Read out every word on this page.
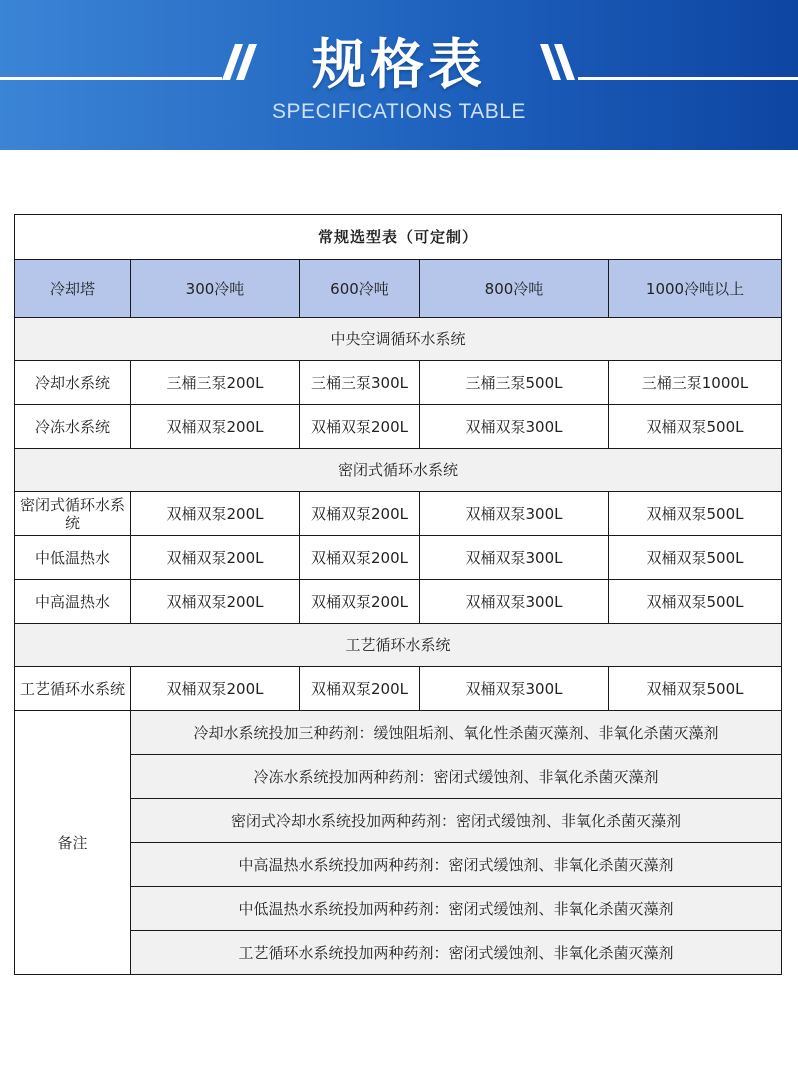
规格表
SPECIFICATIONS TABLE
常规选型表（可定制）				
冷却塔	300冷吨	600冷吨	800冷吨	1000冷吨以上
中央空调循环水系统				
冷却水系统	三桶三泵200L	三桶三泵300L	三桶三泵500L	三桶三泵1000L
冷冻水系统	双桶双泵200L	双桶双泵200L	双桶双泵300L	双桶双泵500L
密闭式循环水系统				
密闭式循环水系统	双桶双泵200L	双桶双泵200L	双桶双泵300L	双桶双泵500L
中低温热水	双桶双泵200L	双桶双泵200L	双桶双泵300L	双桶双泵500L
中高温热水	双桶双泵200L	双桶双泵200L	双桶双泵300L	双桶双泵500L
工艺循环水系统				
工艺循环水系统	双桶双泵200L	双桶双泵200L	双桶双泵300L	双桶双泵500L
备注	冷却水系统投加三种药剂：缓蚀阻垢剂、氧化性杀菌灭藻剂、非氧化杀菌灭藻剂			
	冷冻水系统投加两种药剂：密闭式缓蚀剂、非氧化杀菌灭藻剂			
	密闭式冷却水系统投加两种药剂：密闭式缓蚀剂、非氧化杀菌灭藻剂			
	中高温热水系统投加两种药剂：密闭式缓蚀剂、非氧化杀菌灭藻剂			
	中低温热水系统投加两种药剂：密闭式缓蚀剂、非氧化杀菌灭藻剂			
	工艺循环水系统投加两种药剂：密闭式缓蚀剂、非氧化杀菌灭藻剂			
